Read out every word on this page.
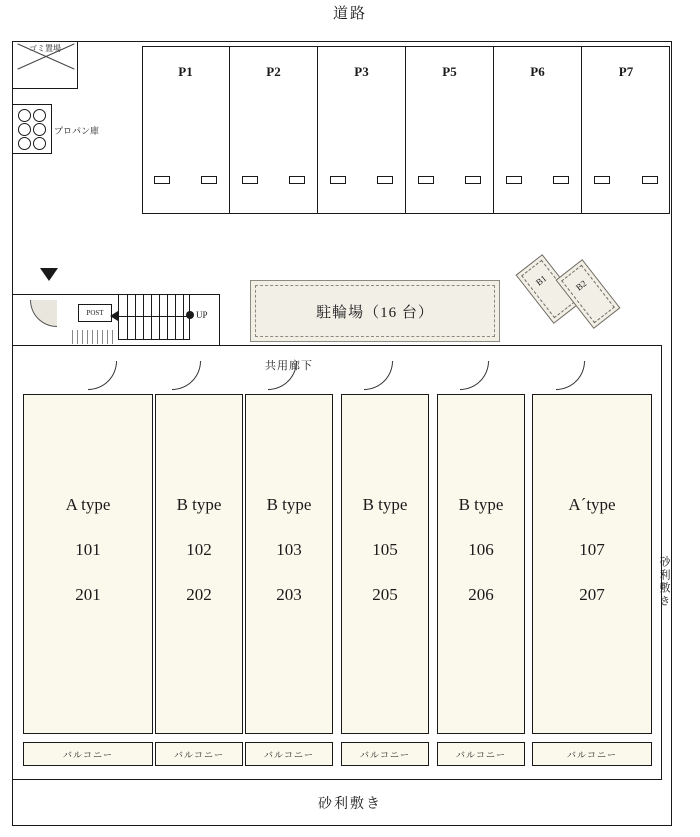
道路
ゴミ置場
プロパン庫
P1	P2	P3	P5	P6	P7
駐輪場（16 台）
B1	B2
POST	UP
共用廊下
A type
101
201
B type
102
202
B type
103
203
B type
105
205
B type
106
206
A´type
107
207
バルコニー	バルコニー	バルコニー	バルコニー	バルコニー	バルコニー
砂利敷き
砂利敷き
